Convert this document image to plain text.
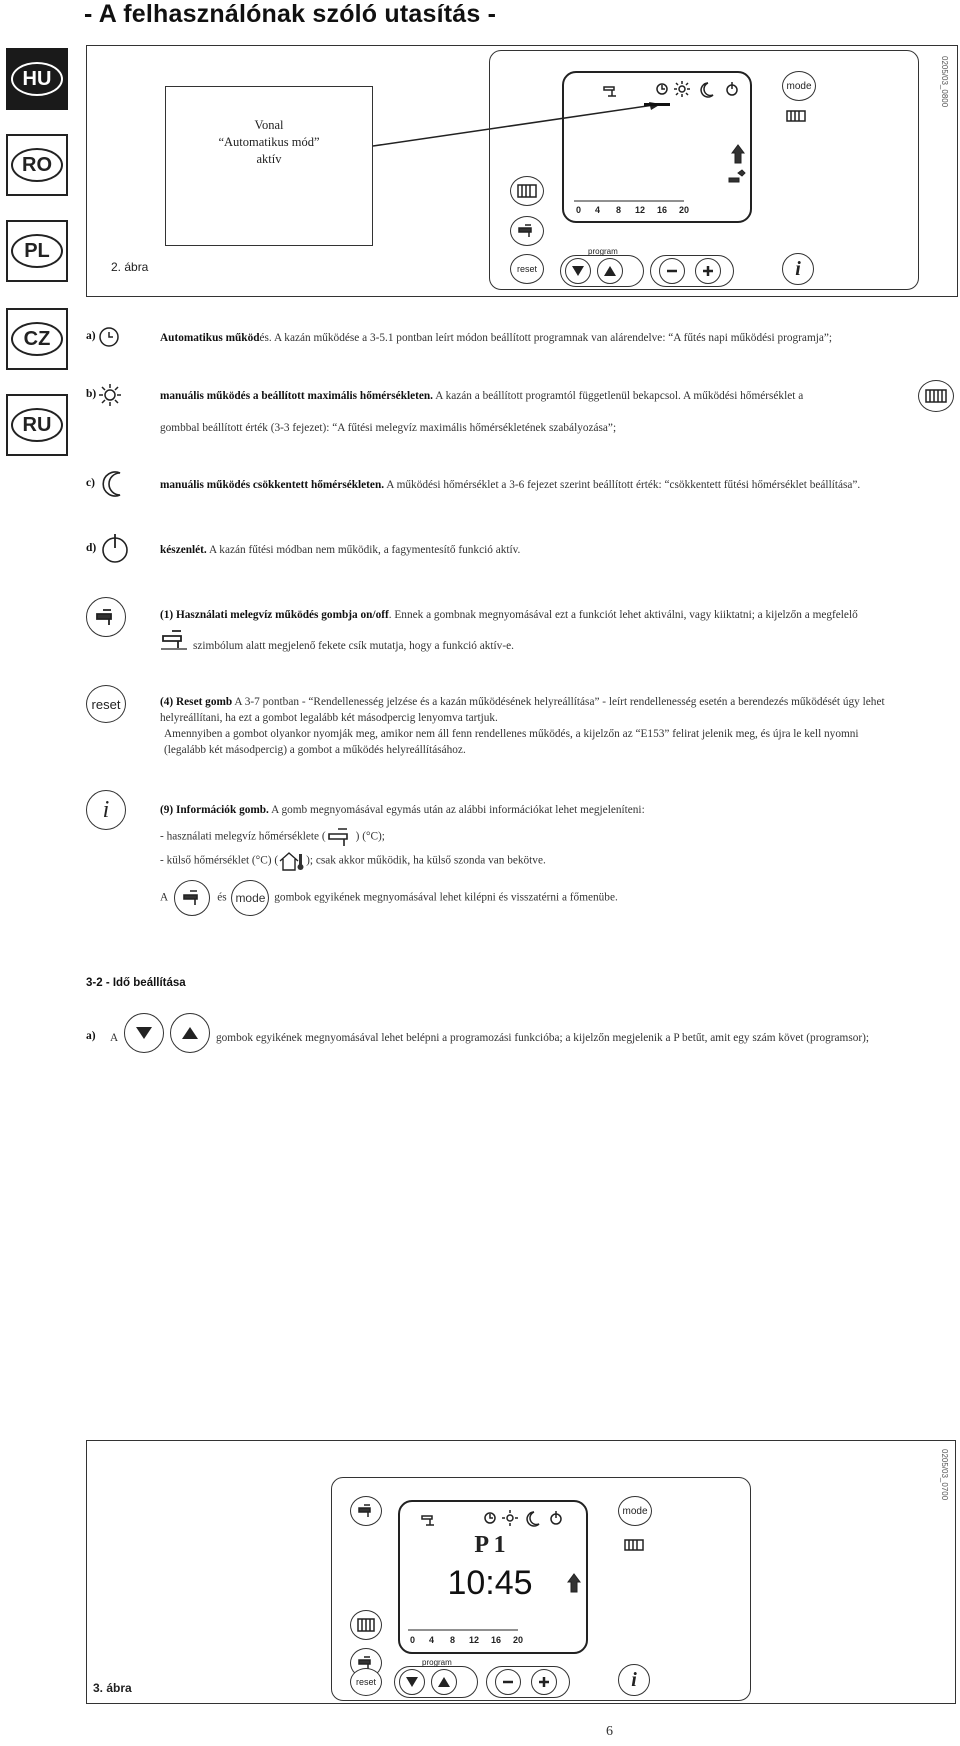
- A felhasználónak szóló utasítás -
HU
RO
PL
CZ
RU
Vonal
“Automatikus mód”
aktív
2. ábra
0205/03_0800
0 4 8 12 16 20
mode
reset
program
i
a)	Automatikus működés. A kazán működése a 3-5.1 pontban leírt módon beállított programnak van alárendelve: “A fűtés napi működési programja”;
b)	manuális működés a beállított maximális hőmérsékleten. A kazán a beállított programtól függetlenül bekapcsol. A működési hőmérséklet a
gombbal beállított érték (3-3 fejezet): “A fűtési melegvíz maximális hőmérsékletének szabályozása”;
c)	manuális működés csökkentett hőmérsékleten. A működési hőmérséklet a 3-6 fejezet szerint beállított érték: “csökkentett fűtési hőmérséklet beállítása”.
d)	készenlét. A kazán fűtési módban nem működik, a fagymentesítő funkció aktív.
(1) Használati melegvíz működés gombja on/off. Ennek a gombnak megnyomásával ezt a funkciót lehet aktiválni, vagy kiiktatni; a kijelzőn a megfelelő
szimbólum alatt megjelenő fekete csík mutatja, hogy a funkció aktív-e.
reset	(4) Reset gomb A 3-7 pontban - “Rendellenesség jelzése és a kazán működésének helyreállítása” - leírt rendellenesség esetén a berendezés működését úgy lehet
helyreállítani, ha ezt a gombot legalább két másodpercig lenyomva tartjuk.
Amennyiben a gombot olyankor nyomják meg, amikor nem áll fenn rendellenes működés, a kijelzőn az “E153” felirat jelenik meg, és újra le kell nyomni
(legalább két másodpercig) a gombot a működés helyreállításához.
i	(9) Információk gomb. A gomb megnyomásával egymás után az alábbi információkat lehet megjeleníteni:
- használati melegvíz hőmérséklete (	) (°C);
- külső hőmérséklet (°C) ( ); csak akkor működik, ha külső szonda van bekötve.
A	és mode gombok egyikének megnyomásával lehet kilépni és visszatérni a főmenübe.
3-2 - Idő beállítása
a) A	gombok egyikének megnyomásával lehet belépni a programozási funkcióba; a kijelzőn megjelenik a P betűt, amit egy szám követ (programsor);
3. ábra
0205/03_0700
0 4 8 12 16 20
P 1
10:45
mode
reset
program
i
6
